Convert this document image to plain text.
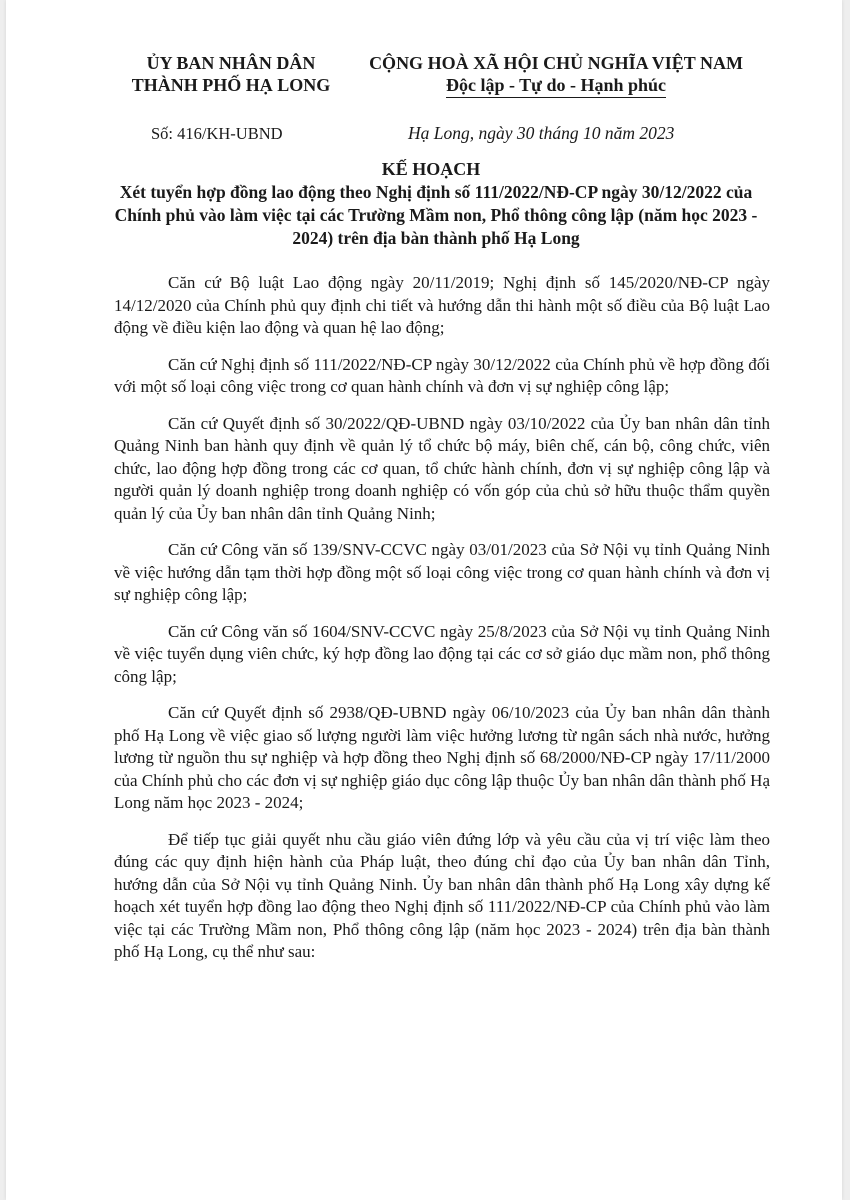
ỦY BAN NHÂN DÂN
THÀNH PHỐ HẠ LONG
CỘNG HOÀ XÃ HỘI CHỦ NGHĨA VIỆT NAM
Độc lập - Tự do - Hạnh phúc
Số: 416/KH-UBND	Hạ Long, ngày 30 tháng 10 năm 2023
KẾ HOẠCH
Xét tuyển hợp đồng lao động theo Nghị định số 111/2022/NĐ-CP ngày 30/12/2022 của Chính phủ vào làm việc tại các Trường Mầm non, Phổ thông công lập (năm học 2023 - 2024) trên địa bàn thành phố Hạ Long

Căn cứ Bộ luật Lao động ngày 20/11/2019; Nghị định số 145/2020/NĐ-CP ngày 14/12/2020 của Chính phủ quy định chi tiết và hướng dẫn thi hành một số điều của Bộ luật Lao động về điều kiện lao động và quan hệ lao động;

Căn cứ Nghị định số 111/2022/NĐ-CP ngày 30/12/2022 của Chính phủ về hợp đồng đối với một số loại công việc trong cơ quan hành chính và đơn vị sự nghiệp công lập;

Căn cứ Quyết định số 30/2022/QĐ-UBND ngày 03/10/2022 của Ủy ban nhân dân tỉnh Quảng Ninh ban hành quy định về quản lý tổ chức bộ máy, biên chế, cán bộ, công chức, viên chức, lao động hợp đồng trong các cơ quan, tổ chức hành chính, đơn vị sự nghiệp công lập và người quản lý doanh nghiệp trong doanh nghiệp có vốn góp của chủ sở hữu thuộc thẩm quyền quản lý của Ủy ban nhân dân tỉnh Quảng Ninh;

Căn cứ Công văn số 139/SNV-CCVC ngày 03/01/2023 của Sở Nội vụ tỉnh Quảng Ninh về việc hướng dẫn tạm thời hợp đồng một số loại công việc trong cơ quan hành chính và đơn vị sự nghiệp công lập;

Căn cứ Công văn số 1604/SNV-CCVC ngày 25/8/2023 của Sở Nội vụ tỉnh Quảng Ninh về việc tuyển dụng viên chức, ký hợp đồng lao động tại các cơ sở giáo dục mầm non, phổ thông công lập;

Căn cứ Quyết định số 2938/QĐ-UBND ngày 06/10/2023 của Ủy ban nhân dân thành phố Hạ Long về việc giao số lượng người làm việc hưởng lương từ ngân sách nhà nước, hưởng lương từ nguồn thu sự nghiệp và hợp đồng theo Nghị định số 68/2000/NĐ-CP ngày 17/11/2000 của Chính phủ cho các đơn vị sự nghiệp giáo dục công lập thuộc Ủy ban nhân dân thành phố Hạ Long năm học 2023 - 2024;

Để tiếp tục giải quyết nhu cầu giáo viên đứng lớp và yêu cầu của vị trí việc làm theo đúng các quy định hiện hành của Pháp luật, theo đúng chỉ đạo của Ủy ban nhân dân Tỉnh, hướng dẫn của Sở Nội vụ tỉnh Quảng Ninh. Ủy ban nhân dân thành phố Hạ Long xây dựng kế hoạch xét tuyển hợp đồng lao động theo Nghị định số 111/2022/NĐ-CP của Chính phủ vào làm việc tại các Trường Mầm non, Phổ thông công lập (năm học 2023 - 2024) trên địa bàn thành phố Hạ Long, cụ thể như sau:
